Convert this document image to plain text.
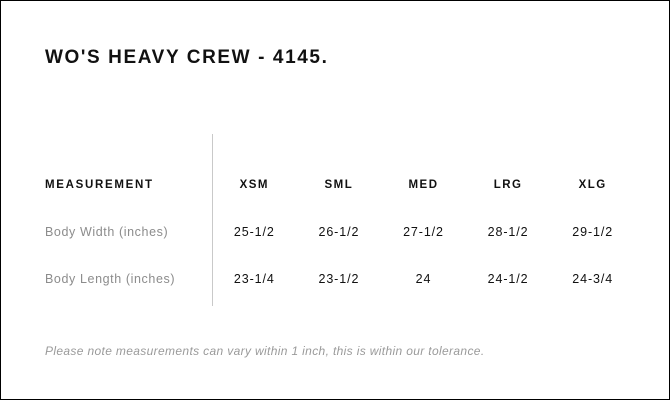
WO'S HEAVY CREW - 4145.
MEASUREMENT	XSM	SML	MED	LRG	XLG
Body Width (inches)	25-1/2	26-1/2	27-1/2	28-1/2	29-1/2
Body Length (inches)	23-1/4	23-1/2	24	24-1/2	24-3/4
Please note measurements can vary within 1 inch, this is within our tolerance.
